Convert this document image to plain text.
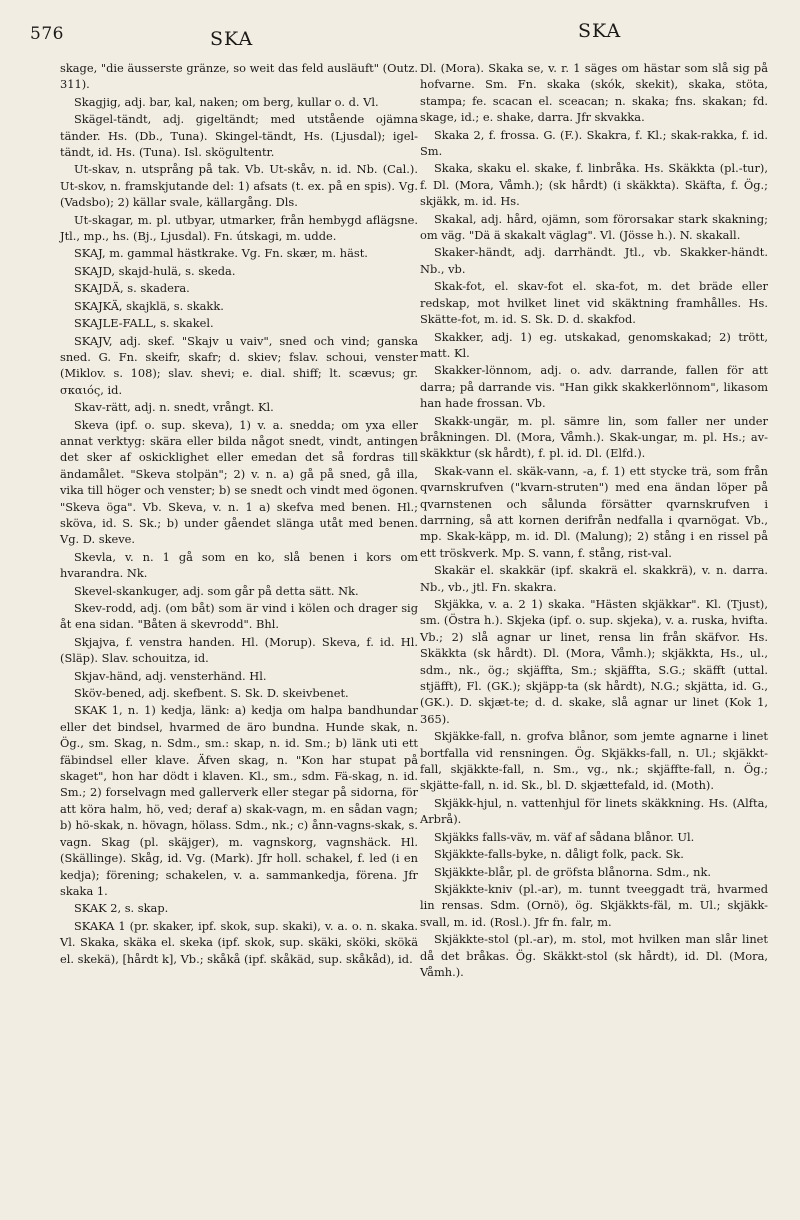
576	SKA	SKA

skage, "die äusserste gränze, so weit das feld ausläuft" (Outz. 311).

Skagjig, adj. bar, kal, naken; om berg, kullar o. d. Vl.

Skägel-tändt, adj. gigeltändt; med utstående ojämna tänder. Hs. (Db., Tuna). Skingel-tändt, Hs. (Ljusdal); igel-tändt, id. Hs. (Tuna). Isl. skögultentr.

Ut-skav, n. utsprång på tak. Vb. Ut-skåv, n. id. Nb. (Cal.). Ut-skov, n. framskjutande del: 1) afsats (t. ex. på en spis). Vg. (Vadsbo); 2) källar svale, källargång. Dls.

Ut-skagar, m. pl. utbyar, utmarker, från hembygd aflägsne. Jtl., mp., hs. (Bj., Ljusdal). Fn. útskagi, m. udde.

SKAJ, m. gammal hästkrake. Vg. Fn. skær, m. häst.

SKAJD, skajd-hulä, s. skeda.

SKAJDÄ, s. skadera.

SKAJKÄ, skajklä, s. skakk.

SKAJLE-FALL, s. skakel.

SKAJV, adj. skef. "Skajv u vaiv", sned och vind; ganska sned. G. Fn. skeifr, skafr; d. skiev; fslav. schoui, venster (Miklov. s. 108); slav. shevi; e. dial. shiff; lt. scævus; gr. σκαιός, id.

Skav-rätt, adj. n. snedt, vrångt. Kl.

Skeva (ipf. o. sup. skeva), 1) v. a. snedda; om yxa eller annat verktyg: skära eller bilda något snedt, vindt, antingen det sker af oskicklighet eller emedan det så fordras till ändamålet. "Skeva stolpän"; 2) v. n. a) gå på sned, gå illa, vika till höger och venster; b) se snedt och vindt med ögonen. "Skeva öga". Vb. Skeva, v. n. 1 a) skefva med benen. Hl.; sköva, id. S. Sk.; b) under gåendet slänga utåt med benen. Vg. D. skeve.

Skevla, v. n. 1 gå som en ko, slå benen i kors om hvarandra. Nk.

Skevel-skankuger, adj. som går på detta sätt. Nk.

Skev-rodd, adj. (om båt) som är vind i kölen och drager sig åt ena sidan. "Båten ä skevrodd". Bhl.

Skjajva, f. venstra handen. Hl. (Morup). Skeva, f. id. Hl. (Släp). Slav. schouitza, id.

Skjav-händ, adj. vensterhänd. Hl.

Sköv-bened, adj. skefbent. S. Sk. D. skeivbenet.

SKAK 1, n. 1) kedja, länk: a) kedja om halpa bandhundar eller det bindsel, hvarmed de äro bundna. Hunde skak, n. Ög., sm. Skag, n. Sdm., sm.: skap, n. id. Sm.; b) länk uti ett fäbindsel eller klave. Äfven skag, n. "Kon har stupat på skaget", hon har dödt i klaven. Kl., sm., sdm. Fä-skag, n. id. Sm.; 2) forselvagn med gallerverk eller stegar på sidorna, för att köra halm, hö, ved; deraf a) skak-vagn, m. en sådan vagn; b) hö-skak, n. hövagn, hölass. Sdm., nk.; c) ånn-vagns-skak, s. vagn. Skag (pl. skäjger), m. vagnskorg, vagnshäck. Hl. (Skällinge). Skåg, id. Vg. (Mark). Jfr holl. schakel, f. led (i en kedja); förening; schakelen, v. a. sammankedja, förena. Jfr skaka 1.

SKAK 2, s. skap.

SKAKA 1 (pr. skaker, ipf. skok, sup. skaki), v. a. o. n. skaka. Vl. Skaka, skäka el. skeka (ipf. skok, sup. skäki, sköki, skökä el. skekä), [hårdt k], Vb.; skåkå (ipf. skåkäd, sup. skåkåd), id.

Dl. (Mora). Skaka se, v. r. 1 säges om hästar som slå sig på hofvarne. Sm. Fn. skaka (skók, skekit), skaka, stöta, stampa; fe. scacan el. sceacan; n. skaka; fns. skakan; fd. skage, id.; e. shake, darra. Jfr skvakka.

Skaka 2, f. frossa. G. (F.). Skakra, f. Kl.; skak-rakka, f. id. Sm.

Skaka, skaku el. skake, f. linbråka. Hs. Skäkkta (pl.-tur), f. Dl. (Mora, Våmh.); (sk hårdt) (i skäkkta). Skäfta, f. Ög.; skjäkk, m. id. Hs.

Skakal, adj. hård, ojämn, som förorsakar stark skakning; om väg. "Dä ä skakalt väglag". Vl. (Jösse h.). N. skakall.

Skaker-händt, adj. darrhändt. Jtl., vb. Skakker-händt. Nb., vb.

Skak-fot, el. skav-fot el. ska-fot, m. det bräde eller redskap, mot hvilket linet vid skäktning framhålles. Hs. Skätte-fot, m. id. S. Sk. D. d. skakfod.

Skakker, adj. 1) eg. utskakad, genomskakad; 2) trött, matt. Kl.

Skakker-lönnom, adj. o. adv. darrande, fallen för att darra; på darrande vis. "Han gikk skakkerlönnom", likasom han hade frossan. Vb.

Skakk-ungär, m. pl. sämre lin, som faller ner under bråkningen. Dl. (Mora, Våmh.). Skak-ungar, m. pl. Hs.; av-skäkktur (sk hårdt), f. pl. id. Dl. (Elfd.).

Skak-vann el. skäk-vann, -a, f. 1) ett stycke trä, som från qvarnskrufven ("kvarn-struten") med ena ändan löper på qvarnstenen och sålunda försätter qvarnskrufven i darrning, så att kornen derifrån nedfalla i qvarnögat. Vb., mp. Skak-käpp, m. id. Dl. (Malung); 2) stång i en rissel på ett tröskverk. Mp. S. vann, f. stång, rist-val.

Skakär el. skakkär (ipf. skakrä el. skakkrä), v. n. darra. Nb., vb., jtl. Fn. skakra.

Skjäkka, v. a. 2 1) skaka. "Hästen skjäkkar". Kl. (Tjust), sm. (Östra h.). Skjeka (ipf. o. sup. skjeka), v. a. ruska, hvifta. Vb.; 2) slå agnar ur linet, rensa lin från skäfvor. Hs. Skäkkta (sk hårdt). Dl. (Mora, Våmh.); skjäkkta, Hs., ul., sdm., nk., ög.; skjäffta, Sm.; skjäffta, S.G.; skäfft (uttal. stjäfft), Fl. (GK.); skjäpp-ta (sk hårdt), N.G.; skjätta, id. G., (GK.). D. skjæt-te; d. d. skake, slå agnar ur linet (Kok 1, 365).

Skjäkke-fall, n. grofva blånor, som jemte agnarne i linet bortfalla vid rensningen. Ög. Skjäkks-fall, n. Ul.; skjäkkt-fall, skjäkkte-fall, n. Sm., vg., nk.; skjäffte-fall, n. Ög.; skjätte-fall, n. id. Sk., bl. D. skjættefald, id. (Moth).

Skjäkk-hjul, n. vattenhjul för linets skäkkning. Hs. (Alfta, Arbrå).

Skjäkks falls-väv, m. väf af sådana blånor. Ul.

Skjäkkte-falls-byke, n. dåligt folk, pack. Sk.

Skjäkkte-blår, pl. de gröfsta blånorna. Sdm., nk.

Skjäkkte-kniv (pl.-ar), m. tunnt tveeggadt trä, hvarmed lin rensas. Sdm. (Ornö), ög. Skjäkkts-fäl, m. Ul.; skjäkk-svall, m. id. (Rosl.). Jfr fn. falr, m.

Skjäkkte-stol (pl.-ar), m. stol, mot hvilken man slår linet då det bråkas. Ög. Skäkkt-stol (sk hårdt), id. Dl. (Mora, Våmh.).
